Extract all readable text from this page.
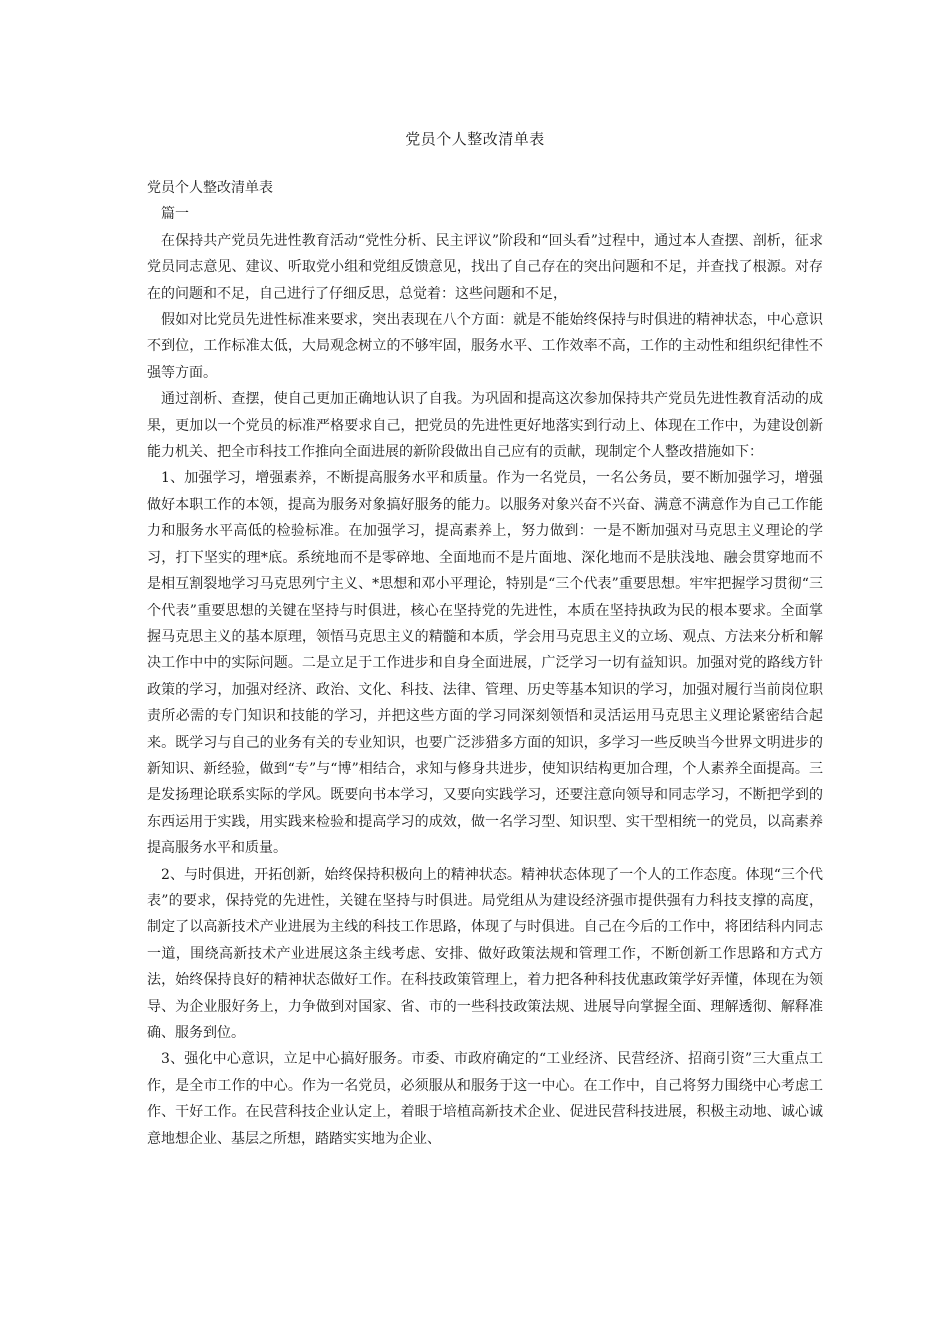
党员个人整改清单表

党员个人整改清单表

篇一

在保持共产党员先进性教育活动“党性分析、民主评议”阶段和“回头看”过程中，通过本人查摆、剖析，征求党员同志意见、建议、听取党小组和党组反馈意见，找出了自己存在的突出问题和不足，并查找了根源。对存在的问题和不足，自己进行了仔细反思，总觉着：这些问题和不足，

假如对比党员先进性标准来要求，突出表现在八个方面：就是不能始终保持与时俱进的精神状态，中心意识不到位，工作标准太低，大局观念树立的不够牢固，服务水平、工作效率不高，工作的主动性和组织纪律性不强等方面。

通过剖析、查摆，使自己更加正确地认识了自我。为巩固和提高这次参加保持共产党员先进性教育活动的成果，更加以一个党员的标准严格要求自己，把党员的先进性更好地落实到行动上、体现在工作中，为建设创新能力机关、把全市科技工作推向全面进展的新阶段做出自己应有的贡献，现制定个人整改措施如下：

1、加强学习，增强素养，不断提高服务水平和质量。作为一名党员，一名公务员，要不断加强学习，增强做好本职工作的本领，提高为服务对象搞好服务的能力。以服务对象兴奋不兴奋、满意不满意作为自己工作能力和服务水平高低的检验标准。在加强学习，提高素养上，努力做到：一是不断加强对马克思主义理论的学习，打下坚实的理*底。系统地而不是零碎地、全面地而不是片面地、深化地而不是肤浅地、融会贯穿地而不是相互割裂地学习马克思列宁主义、*思想和邓小平理论，特别是“三个代表”重要思想。牢牢把握学习贯彻“三个代表”重要思想的关键在坚持与时俱进，核心在坚持党的先进性，本质在坚持执政为民的根本要求。全面掌握马克思主义的基本原理，领悟马克思主义的精髓和本质，学会用马克思主义的立场、观点、方法来分析和解决工作中中的实际问题。二是立足于工作进步和自身全面进展，广泛学习一切有益知识。加强对党的路线方针政策的学习，加强对经济、政治、文化、科技、法律、管理、历史等基本知识的学习，加强对履行当前岗位职责所必需的专门知识和技能的学习，并把这些方面的学习同深刻领悟和灵活运用马克思主义理论紧密结合起来。既学习与自己的业务有关的专业知识，也要广泛涉猎多方面的知识，多学习一些反映当今世界文明进步的新知识、新经验，做到“专”与“博”相结合，求知与修身共进步，使知识结构更加合理，个人素养全面提高。三是发扬理论联系实际的学风。既要向书本学习，又要向实践学习，还要注意向领导和同志学习，不断把学到的东西运用于实践，用实践来检验和提高学习的成效，做一名学习型、知识型、实干型相统一的党员，以高素养提高服务水平和质量。

2、与时俱进，开拓创新，始终保持积极向上的精神状态。精神状态体现了一个人的工作态度。体现“三个代表”的要求，保持党的先进性，关键在坚持与时俱进。局党组从为建设经济强市提供强有力科技支撑的高度，制定了以高新技术产业进展为主线的科技工作思路，体现了与时俱进。自己在今后的工作中，将团结科内同志一道，围绕高新技术产业进展这条主线考虑、安排、做好政策法规和管理工作，不断创新工作思路和方式方法，始终保持良好的精神状态做好工作。在科技政策管理上，着力把各种科技优惠政策学好弄懂，体现在为领导、为企业服好务上，力争做到对国家、省、市的一些科技政策法规、进展导向掌握全面、理解透彻、解释准确、服务到位。

3、强化中心意识，立足中心搞好服务。市委、市政府确定的“工业经济、民营经济、招商引资”三大重点工作，是全市工作的中心。作为一名党员，必须服从和服务于这一中心。在工作中，自己将努力围绕中心考虑工作、干好工作。在民营科技企业认定上，着眼于培植高新技术企业、促进民营科技进展，积极主动地、诚心诚意地想企业、基层之所想，踏踏实实地为企业、
